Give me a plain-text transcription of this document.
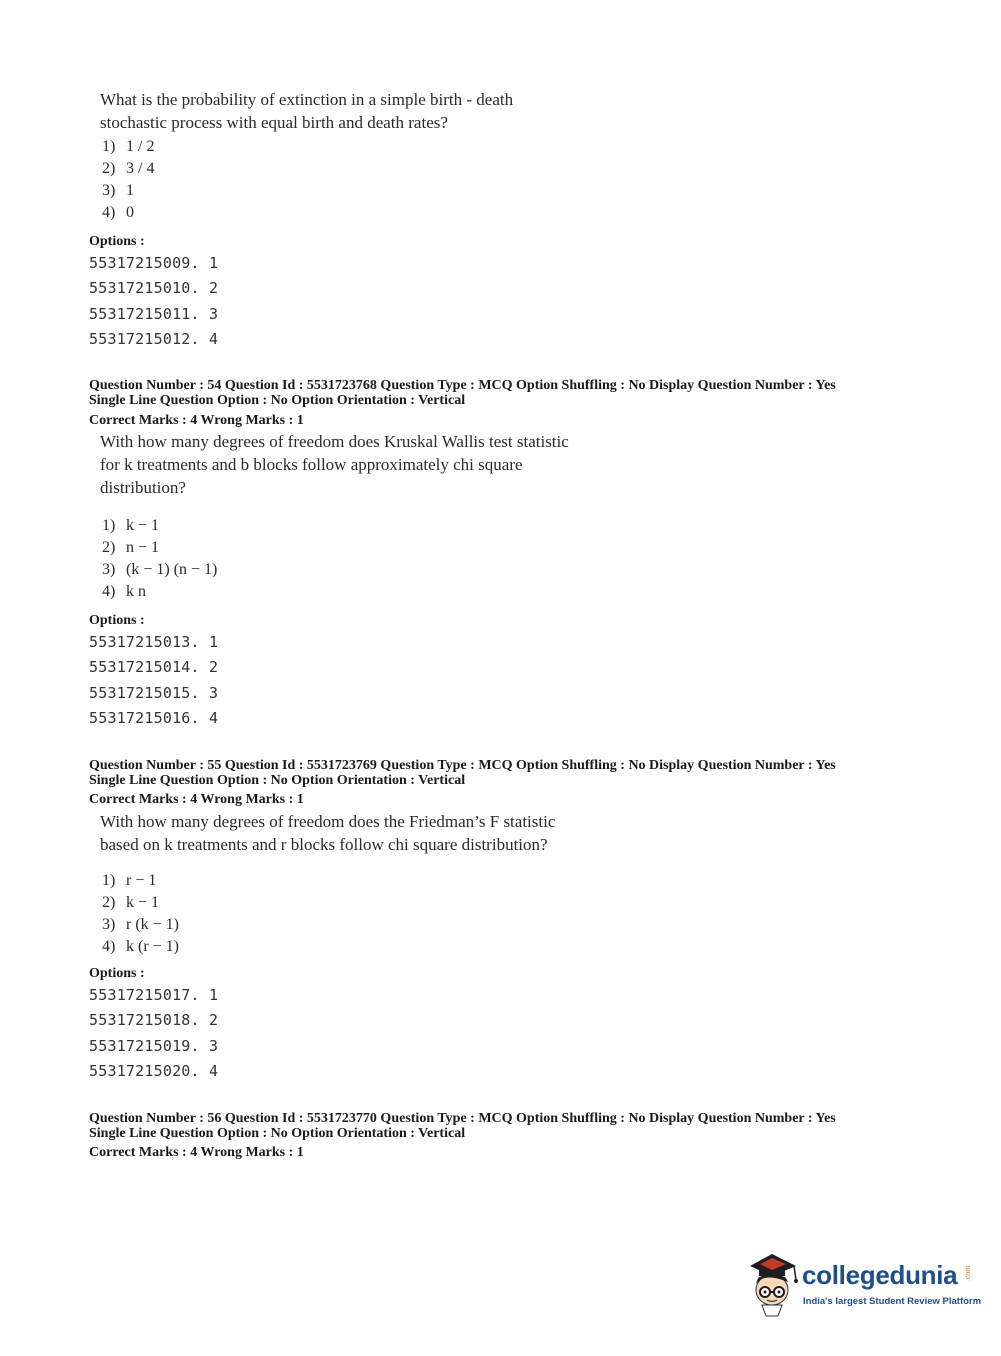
What is the probability of extinction in a simple birth - death
stochastic process with equal birth and death rates?
1) 1 / 2
2) 3 / 4
3) 1
4) 0
Options :
55317215009. 1
55317215010. 2
55317215011. 3
55317215012. 4
Question Number : 54 Question Id : 5531723768 Question Type : MCQ Option Shuffling : No Display Question Number : Yes
Single Line Question Option : No Option Orientation : Vertical
Correct Marks : 4 Wrong Marks : 1
With how many degrees of freedom does Kruskal Wallis test statistic
for k treatments and b blocks follow approximately chi square
distribution?
1) k − 1
2) n − 1
3) (k − 1) (n − 1)
4) k n
Options :
55317215013. 1
55317215014. 2
55317215015. 3
55317215016. 4
Question Number : 55 Question Id : 5531723769 Question Type : MCQ Option Shuffling : No Display Question Number : Yes
Single Line Question Option : No Option Orientation : Vertical
Correct Marks : 4 Wrong Marks : 1
With how many degrees of freedom does the Friedman’s F statistic
based on k treatments and r blocks follow chi square distribution?
1) r − 1
2) k − 1
3) r (k − 1)
4) k (r − 1)
Options :
55317215017. 1
55317215018. 2
55317215019. 3
55317215020. 4
Question Number : 56 Question Id : 5531723770 Question Type : MCQ Option Shuffling : No Display Question Number : Yes
Single Line Question Option : No Option Orientation : Vertical
Correct Marks : 4 Wrong Marks : 1
collegedunia .com
India's largest Student Review Platform
